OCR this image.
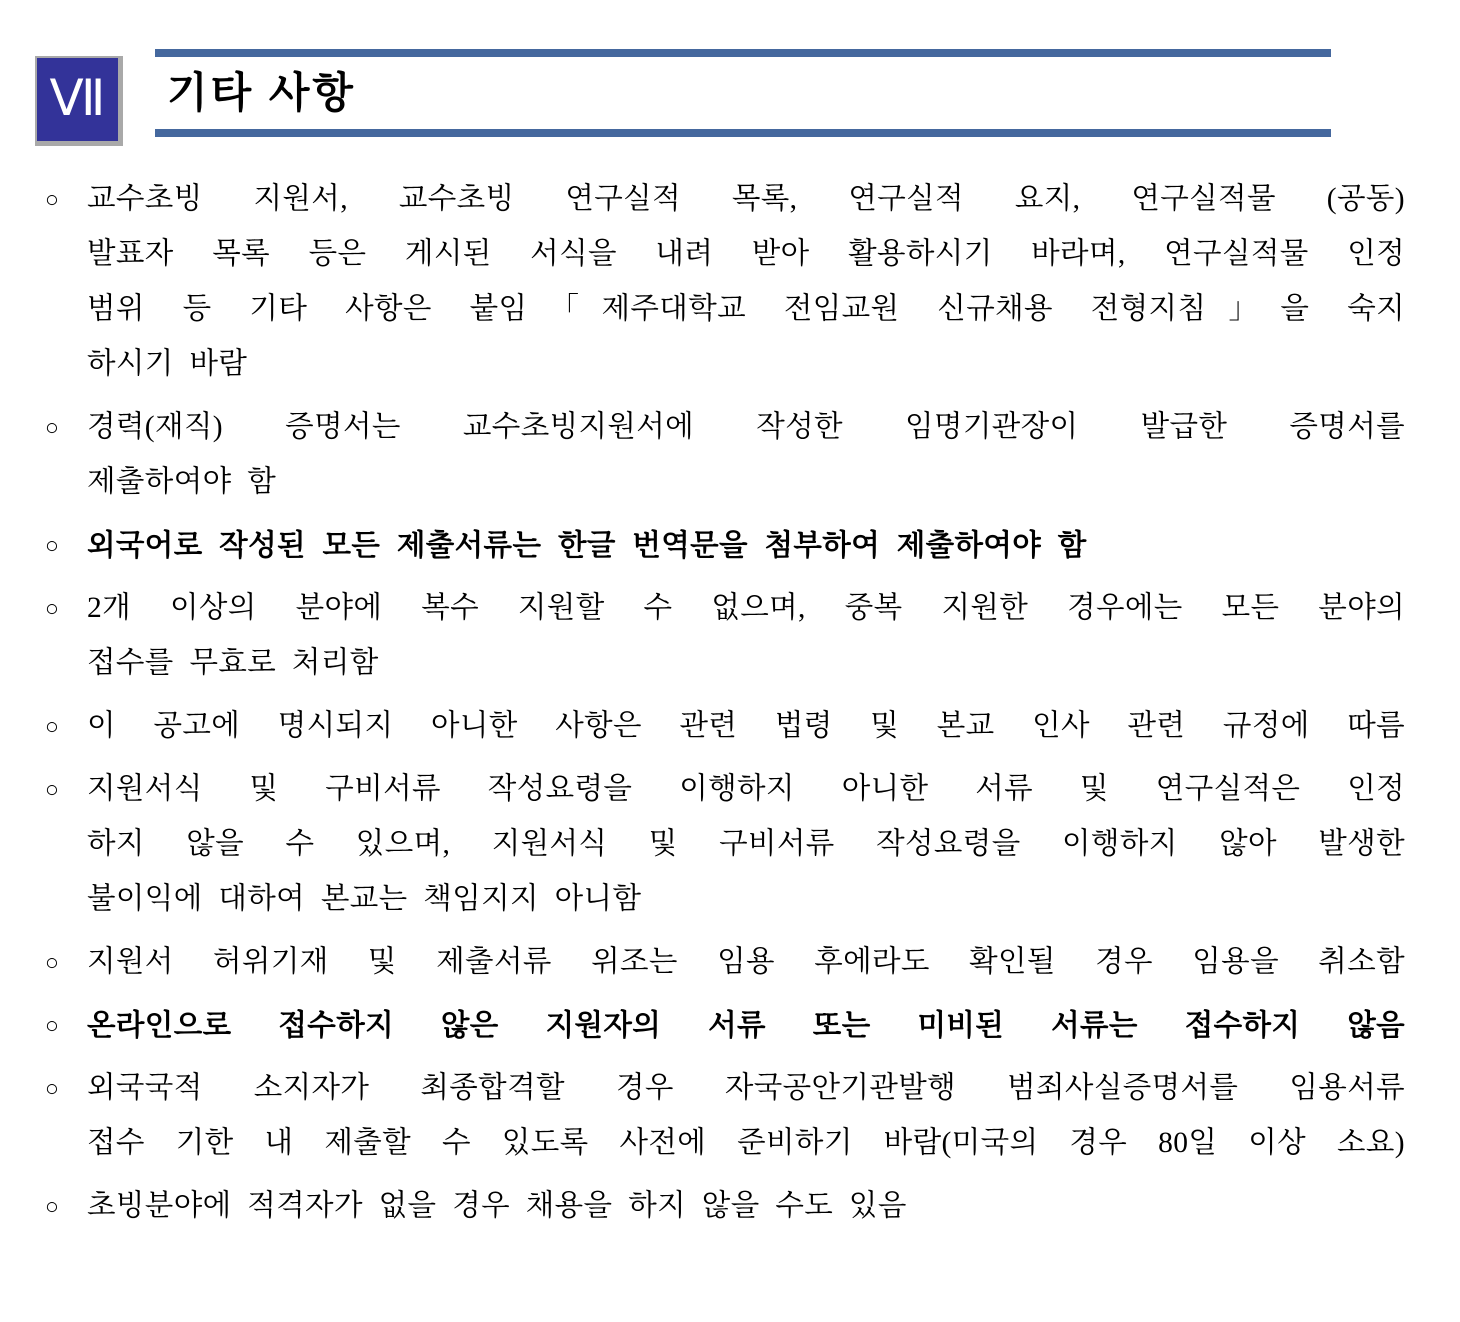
Ⅶ 기타 사항
○ 교수초빙 지원서, 교수초빙 연구실적 목록, 연구실적 요지, 연구실적물 (공동)
발표자 목록 등은 게시된 서식을 내려 받아 활용하시기 바라며, 연구실적물 인정
범위 등 기타 사항은 붙임「제주대학교 전임교원 신규채용 전형지침」을 숙지
하시기 바람
○ 경력(재직) 증명서는 교수초빙지원서에 작성한 임명기관장이 발급한 증명서를
제출하여야 함
○ 외국어로 작성된 모든 제출서류는 한글 번역문을 첨부하여 제출하여야 함
○ 2개 이상의 분야에 복수 지원할 수 없으며, 중복 지원한 경우에는 모든 분야의
접수를 무효로 처리함
○ 이 공고에 명시되지 아니한 사항은 관련 법령 및 본교 인사 관련 규정에 따름
○ 지원서식 및 구비서류 작성요령을 이행하지 아니한 서류 및 연구실적은 인정
하지 않을 수 있으며, 지원서식 및 구비서류 작성요령을 이행하지 않아 발생한
불이익에 대하여 본교는 책임지지 아니함
○ 지원서 허위기재 및 제출서류 위조는 임용 후에라도 확인될 경우 임용을 취소함
○ 온라인으로 접수하지 않은 지원자의 서류 또는 미비된 서류는 접수하지 않음
○ 외국국적 소지자가 최종합격할 경우 자국공안기관발행 범죄사실증명서를 임용서류
접수 기한 내 제출할 수 있도록 사전에 준비하기 바람(미국의 경우 80일 이상 소요)
○ 초빙분야에 적격자가 없을 경우 채용을 하지 않을 수도 있음
